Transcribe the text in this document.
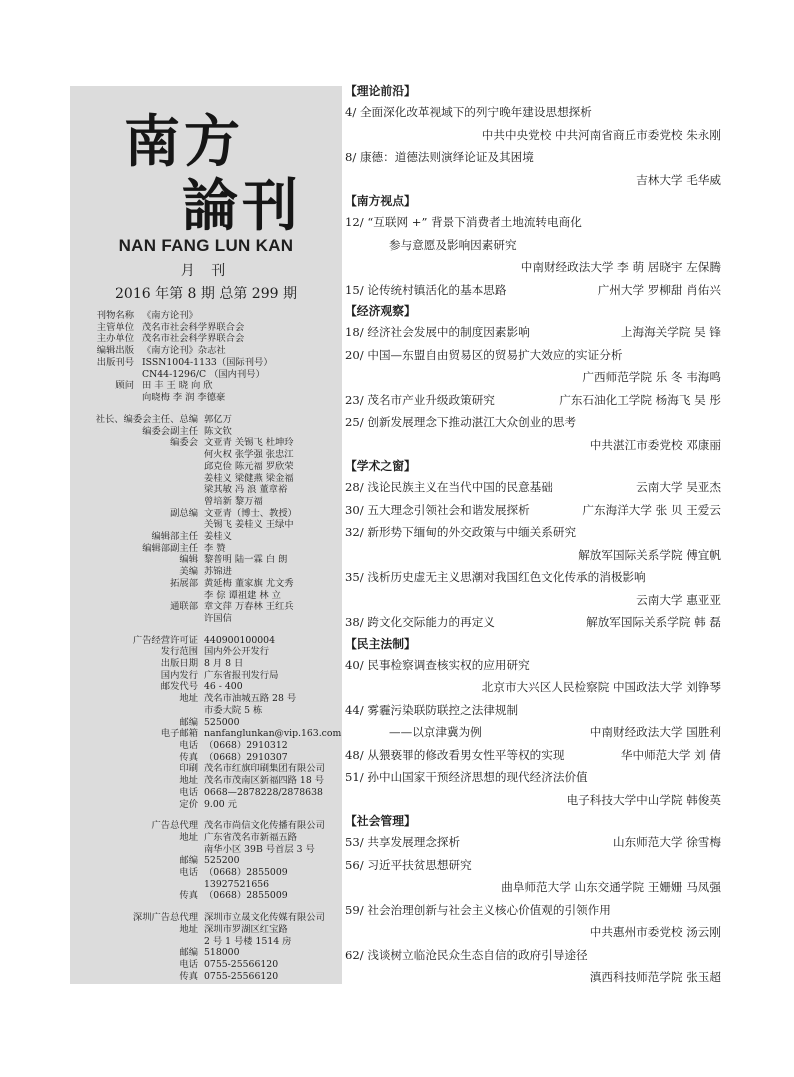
南方
論刊
NAN FANG LUN KAN
月 刊
2016 年第 8 期 总第 299 期
刊物名称 《南方论刊》
主管单位 茂名市社会科学界联合会
主办单位 茂名市社会科学界联合会
编辑出版 《南方论刊》杂志社
出版刊号 ISSN1004-1133（国际刊号）
CN44-1296/C （国内刊号）
顾问 田 丰 王 晓 向 欣
向晓梅 李 润 李德豪
社长、编委会主任、总编 郭亿万
编委会副主任 陈文钦
编委会 文亚青 关锡飞 杜坤玲
何火权 张学强 张忠江
邱克俭 陈元福 罗欣荣
姜桂义 梁健燕 梁金福
梁其敏 冯 浪 董章裕
曾培新 黎万福
副总编 文亚青（博士、教授）
关锡飞 姜桂义 王绿中
编辑部主任 姜桂义
编辑部副主任 李 赞
编辑 黎普明 陆一霖 白 朗
美编 苏锦进
拓展部 黄延梅 董家旗 尤文秀
李 倧 谭祖建 林 立
通联部 章文萍 万春林 王红兵
许国信
广告经营许可证 440900100004
发行范围 国内外公开发行
出版日期 8 月 8 日
国内发行 广东省报刊发行局
邮发代号 46 - 400
地址 茂名市油城五路 28 号
市委大院 5 栋
邮编 525000
电子邮箱 nanfanglunkan@vip.163.com
电话 （0668）2910312
传真 （0668）2910307
印刷 茂名市红旗印刷集团有限公司
地址 茂名市茂南区新福四路 18 号
电话 0668—2878228/2878638
定价 9.00 元
广告总代理 茂名市尚信文化传播有限公司
地址 广东省茂名市新福五路
南华小区 39B 号首层 3 号
邮编 525200
电话 （0668）2855009
13927521656
传真 （0668）2855009
深圳广告总代理 深圳市立晟文化传媒有限公司
地址 深圳市罗湖区红宝路
2 号 1 号楼 1514 房
邮编 518000
电话 0755-25566120
传真 0755-25566120
【理论前沿】
4/ 全面深化改革视域下的列宁晚年建设思想探析
中共中央党校 中共河南省商丘市委党校 朱永刚
8/ 康德：道德法则演绎论证及其困境
吉林大学 毛华威
【南方视点】
12/ “互联网 +” 背景下消费者土地流转电商化
参与意愿及影响因素研究
中南财经政法大学 李 萌 居晓宇 左保腾
15/ 论传统村镇活化的基本思路	广州大学 罗柳甜 肖佑兴
【经济观察】
18/ 经济社会发展中的制度因素影响	上海海关学院 吴 锋
20/ 中国—东盟自由贸易区的贸易扩大效应的实证分析
广西师范学院 乐 冬 韦海鸣
23/ 茂名市产业升级政策研究	广东石油化工学院 杨海飞 吴 彤
25/ 创新发展理念下推动湛江大众创业的思考
中共湛江市委党校 邓康丽
【学术之窗】
28/ 浅论民族主义在当代中国的民意基础	云南大学 吴亚杰
30/ 五大理念引领社会和谐发展探析	广东海洋大学 张 贝 王爱云
32/ 新形势下缅甸的外交政策与中缅关系研究
解放军国际关系学院 傅宜帆
35/ 浅析历史虚无主义思潮对我国红色文化传承的消极影响
云南大学 惠亚亚
38/ 跨文化交际能力的再定义	解放军国际关系学院 韩 磊
【民主法制】
40/ 民事检察调查核实权的应用研究
北京市大兴区人民检察院 中国政法大学 刘铮琴
44/ 雾霾污染联防联控之法律规制
——以京津冀为例	中南财经政法大学 国胜利
48/ 从猥亵罪的修改看男女性平等权的实现	华中师范大学 刘 倩
51/ 孙中山国家干预经济思想的现代经济法价值
电子科技大学中山学院 韩俊英
【社会管理】
53/ 共享发展理念探析	山东师范大学 徐雪梅
56/ 习近平扶贫思想研究
曲阜师范大学 山东交通学院 王姗姗 马凤强
59/ 社会治理创新与社会主义核心价值观的引领作用
中共惠州市委党校 汤云刚
62/ 浅谈树立临沧民众生态自信的政府引导途径
滇西科技师范学院 张玉超
